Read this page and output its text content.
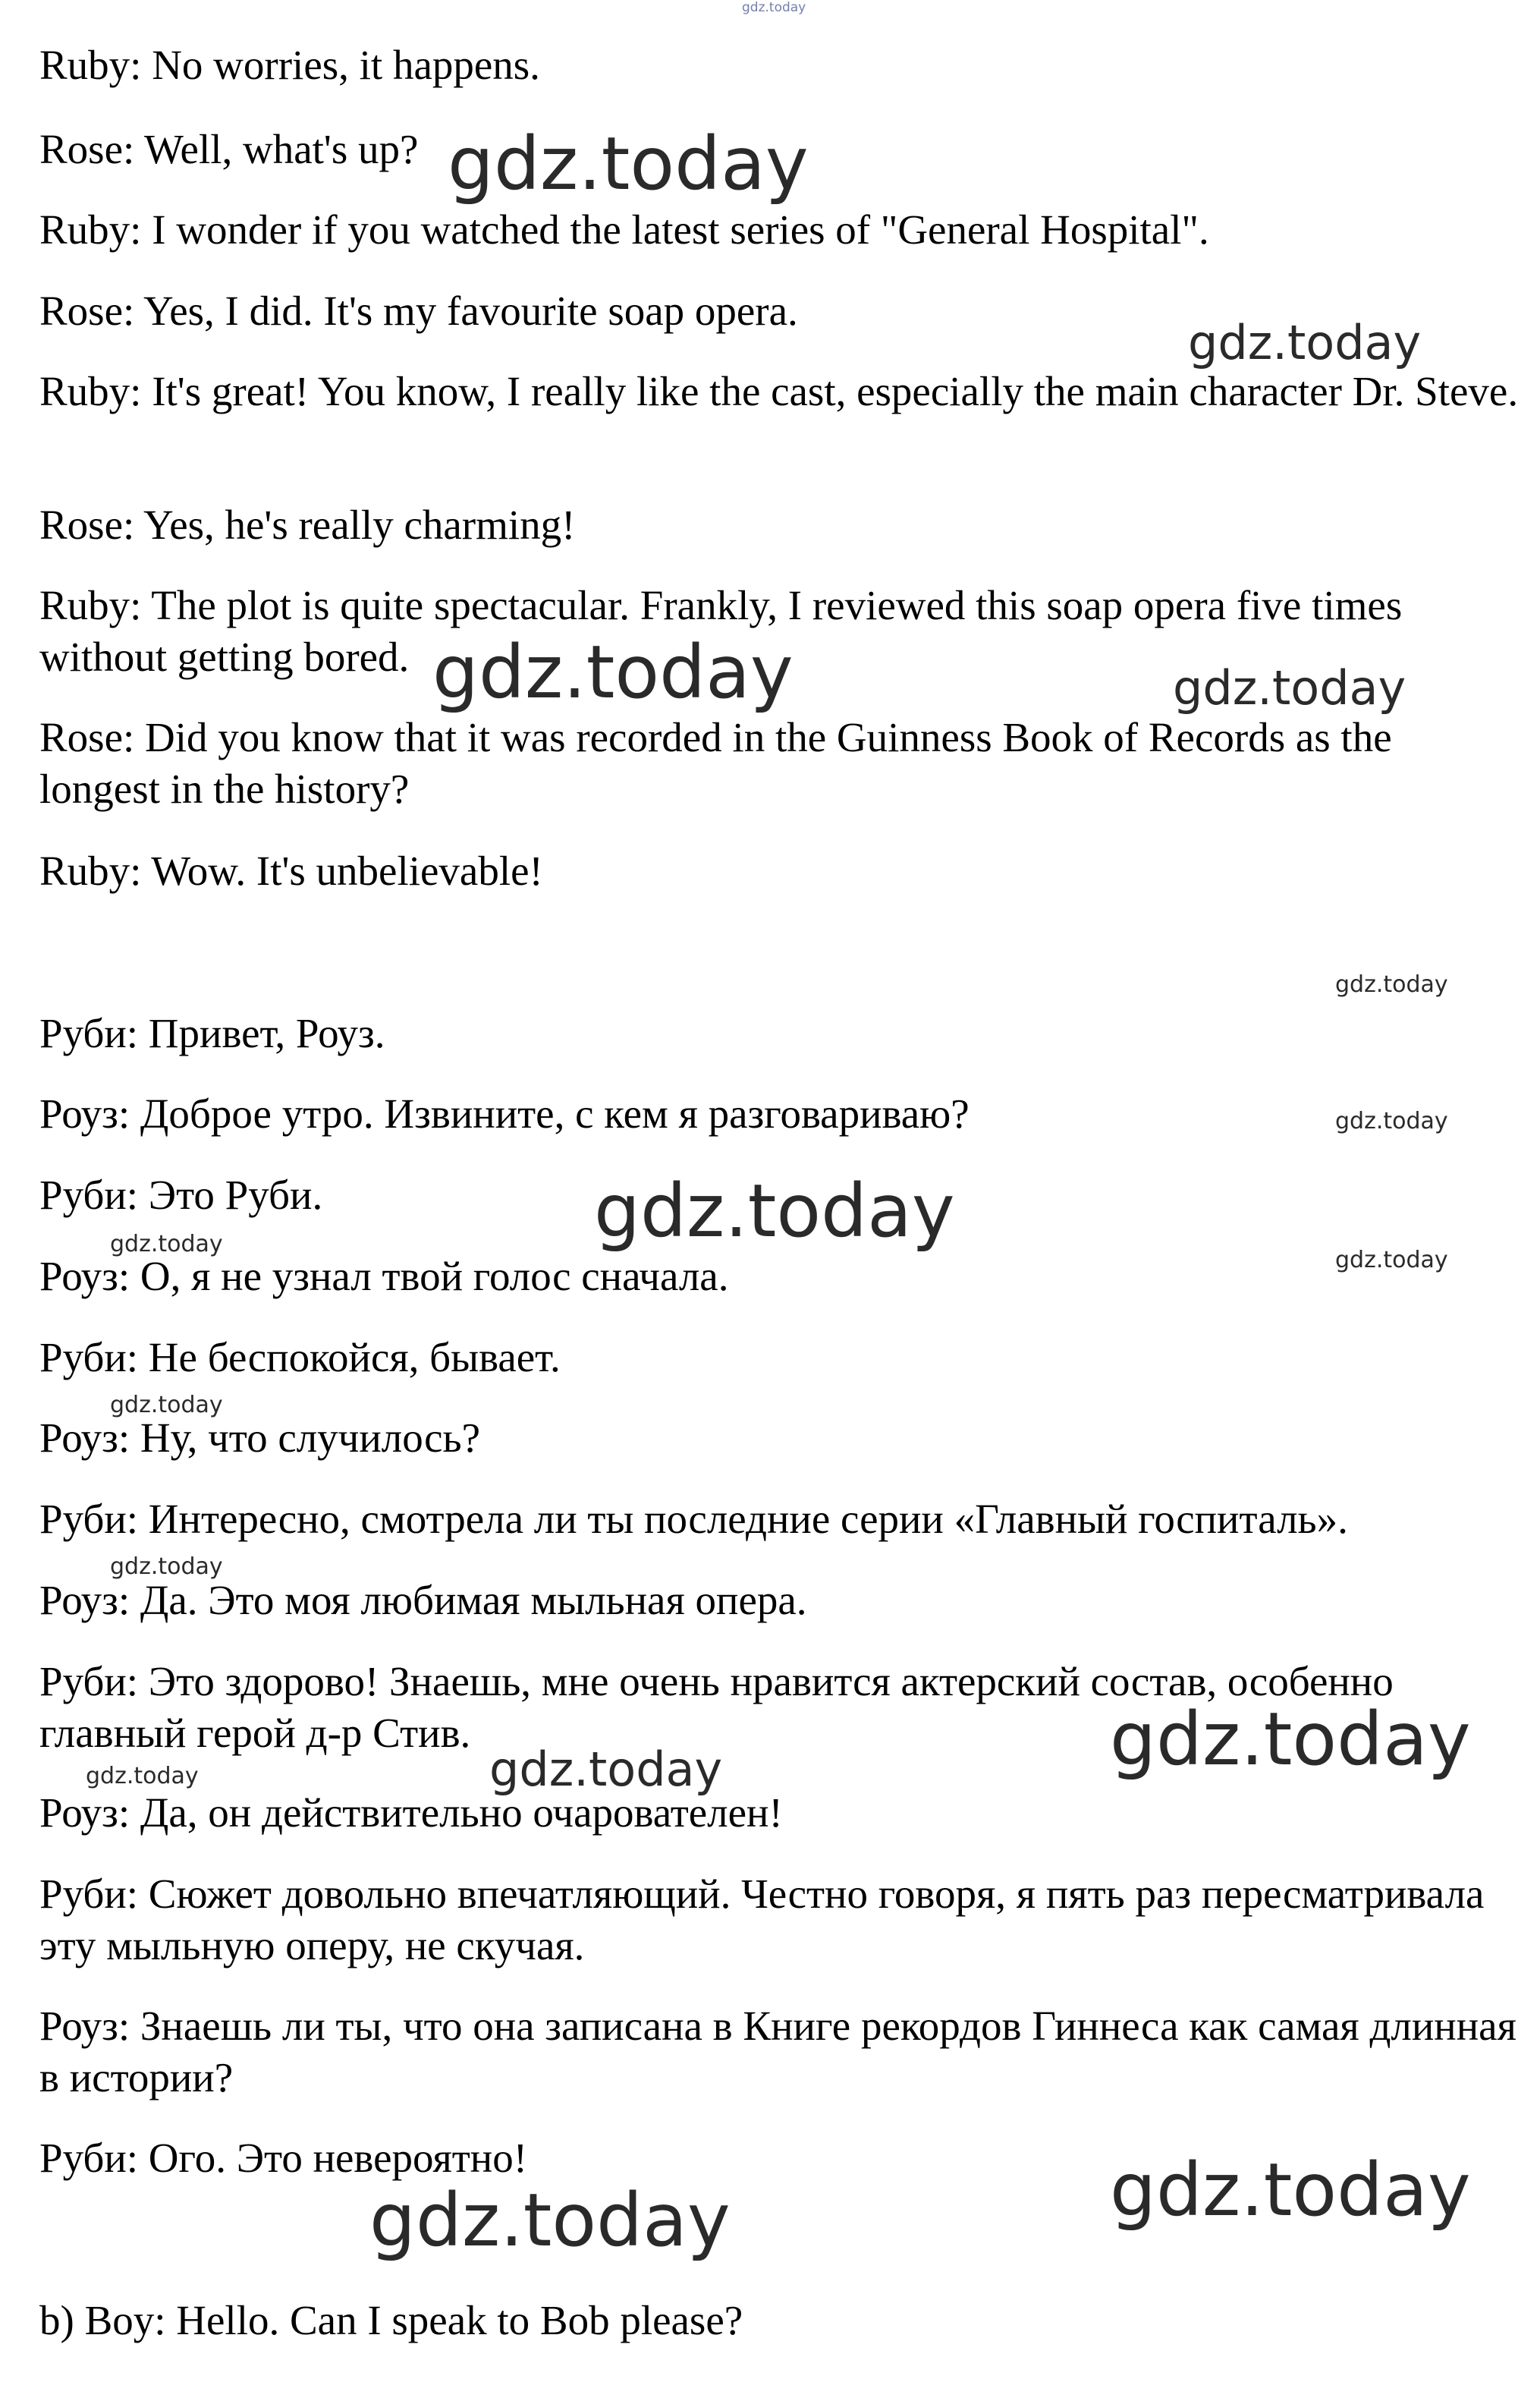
Ruby: No worries, it happens.

Rose: Well, what's up?

Ruby: I wonder if you watched the latest series of "General Hospital".

Rose: Yes, I did. It's my favourite soap opera.

Ruby: It's great! You know, I really like the cast, especially the main character Dr. Steve.

Rose: Yes, he's really charming!

Ruby: The plot is quite spectacular. Frankly, I reviewed this soap opera five times without getting bored.

Rose: Did you know that it was recorded in the Guinness Book of Records as the longest in the history?

Ruby: Wow. It's unbelievable!

Руби: Привет, Роуз.

Роуз: Доброе утро. Извините, с кем я разговариваю?

Руби: Это Руби.

Роуз: О, я не узнал твой голос сначала.

Руби: Не беспокойся, бывает.

Роуз: Ну, что случилось?

Руби: Интересно, смотрела ли ты последние серии «Главный госпиталь».

Роуз: Да. Это моя любимая мыльная опера.

Руби: Это здорово! Знаешь, мне очень нравится актерский состав, особенно главный герой д-р Стив.

Роуз: Да, он действительно очарователен!

Руби: Сюжет довольно впечатляющий. Честно говоря, я пять раз пересматривала эту мыльную оперу, не скучая.

Роуз: Знаешь ли ты, что она записана в Книге рекордов Гиннеса как самая длинная в истории?

Руби: Ого. Это невероятно!

b) Boy: Hello. Can I speak to Bob please?

gdz.today
gdz.today
gdz.today
gdz.today	gdz.today
gdz.today
gdz.today
gdz.today
gdz.today
gdz.today
gdz.today
gdz.today
gdz.today
gdz.today
gdz.today
gdz.today
gdz.today
